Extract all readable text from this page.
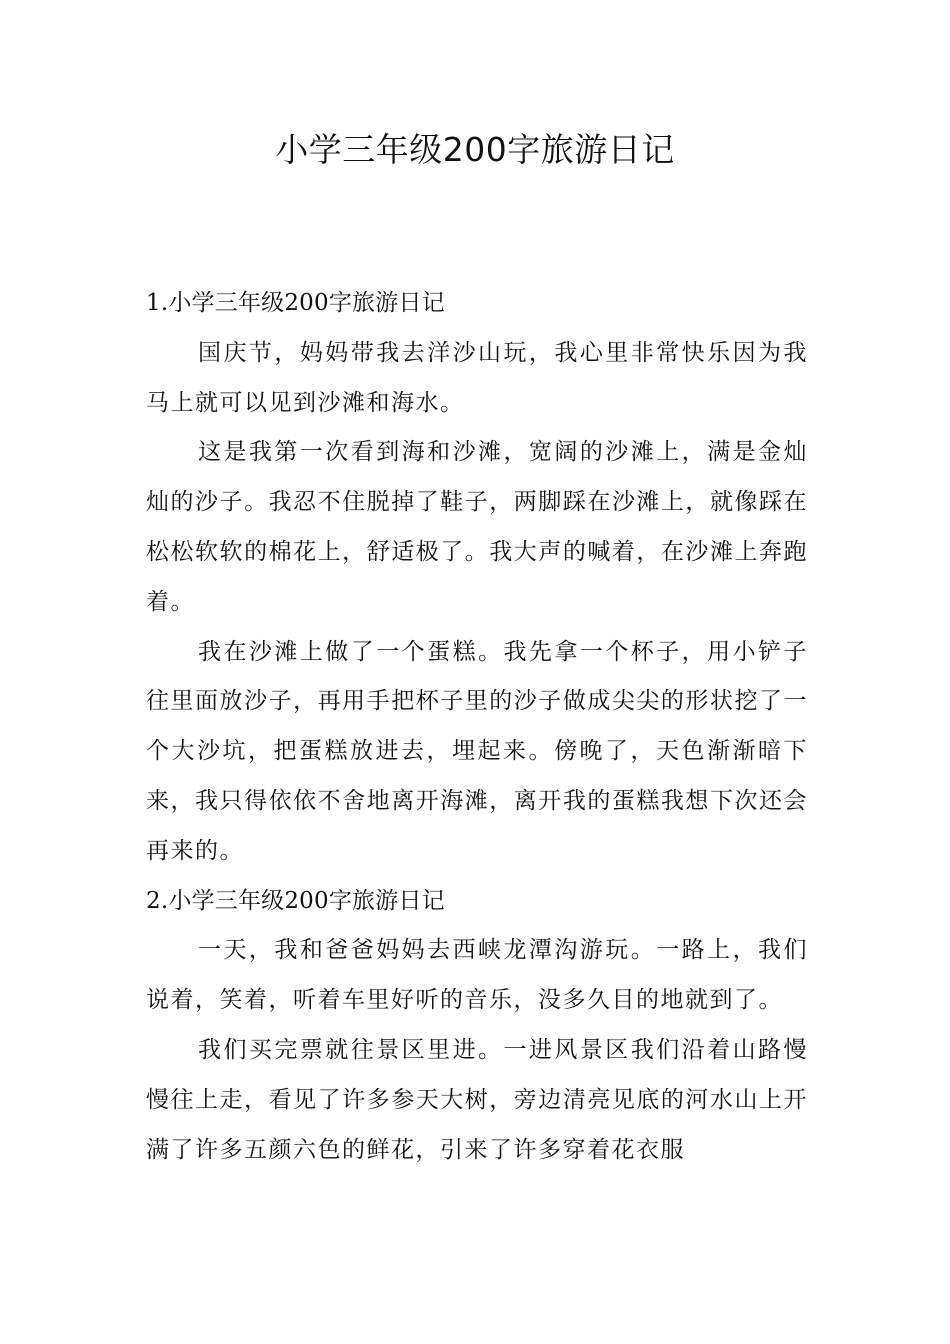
小学三年级200字旅游日记

1.小学三年级200字旅游日记

国庆节，妈妈带我去洋沙山玩，我心里非常快乐因为我马上就可以见到沙滩和海水。

这是我第一次看到海和沙滩，宽阔的沙滩上，满是金灿灿的沙子。我忍不住脱掉了鞋子，两脚踩在沙滩上，就像踩在松松软软的棉花上，舒适极了。我大声的喊着，在沙滩上奔跑着。

我在沙滩上做了一个蛋糕。我先拿一个杯子，用小铲子往里面放沙子，再用手把杯子里的沙子做成尖尖的形状挖了一个大沙坑，把蛋糕放进去，埋起来。傍晚了，天色渐渐暗下来，我只得依依不舍地离开海滩，离开我的蛋糕我想下次还会再来的。

2.小学三年级200字旅游日记

一天，我和爸爸妈妈去西峡龙潭沟游玩。一路上，我们说着，笑着，听着车里好听的音乐，没多久目的地就到了。

我们买完票就往景区里进。一进风景区我们沿着山路慢慢往上走，看见了许多参天大树，旁边清亮见底的河水山上开满了许多五颜六色的鲜花，引来了许多穿着花衣服
